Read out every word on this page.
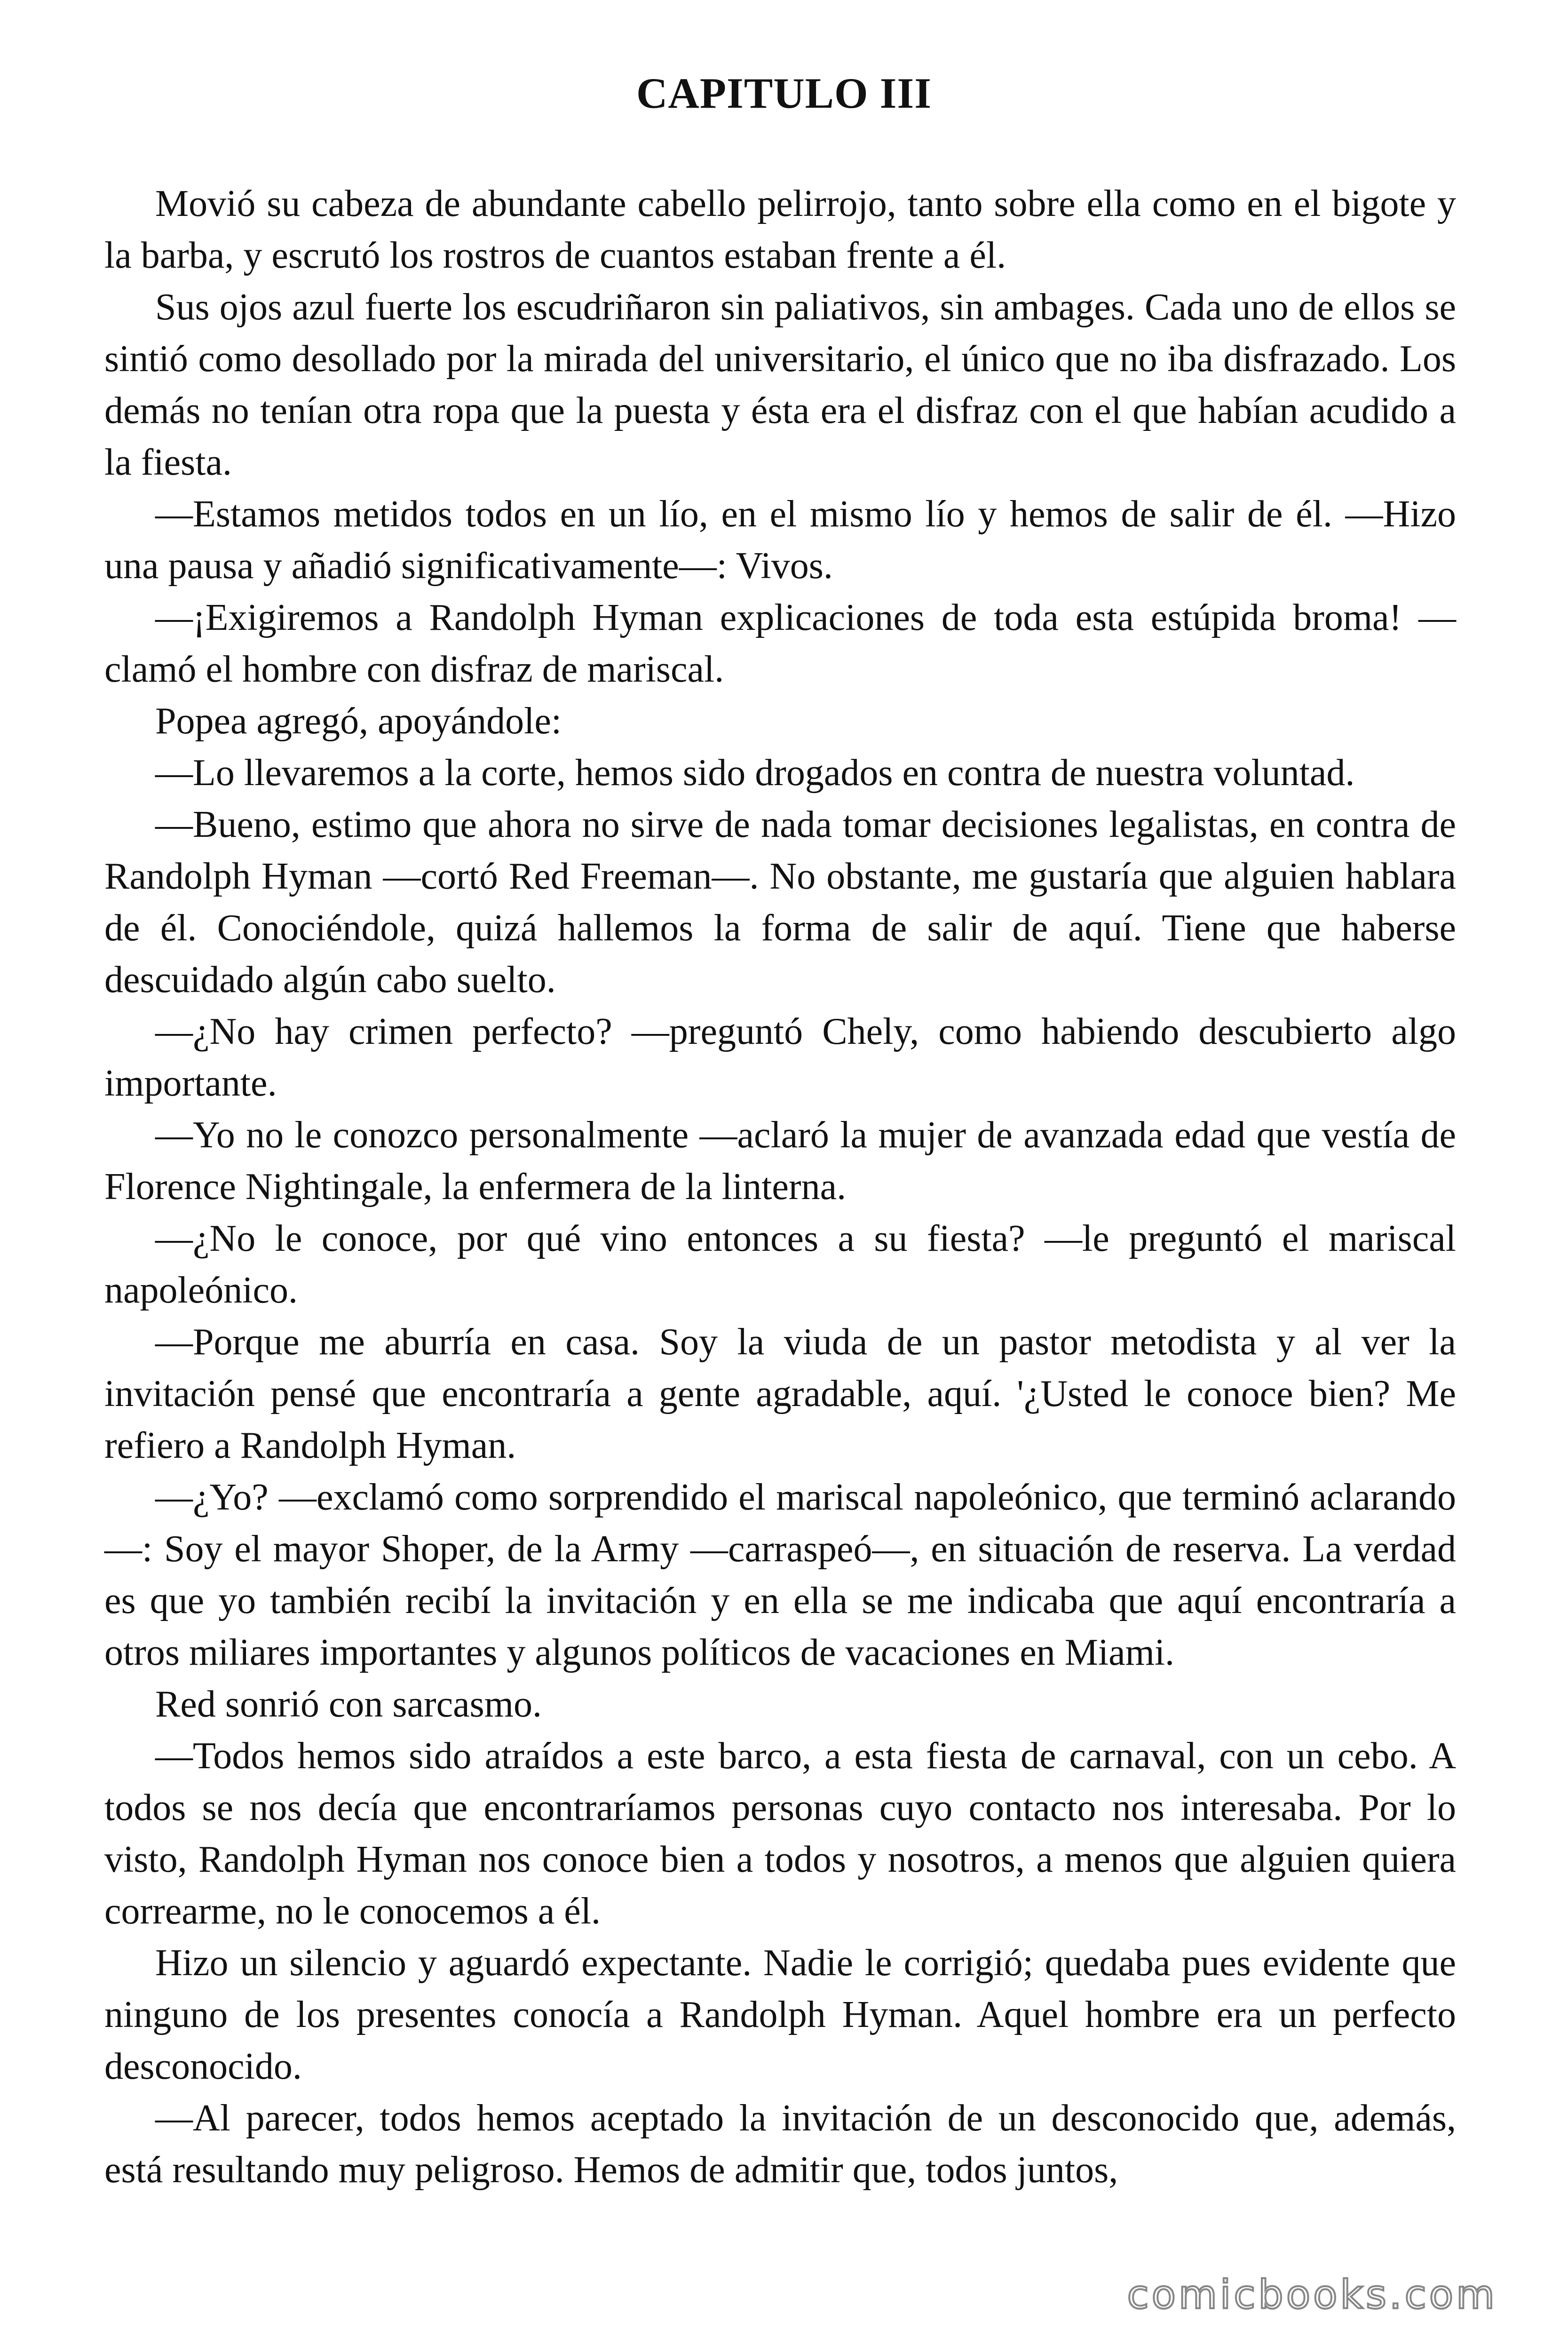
CAPITULO III

Movió su cabeza de abundante cabello pelirrojo, tanto sobre ella como en el bigote y la barba, y escrutó los rostros de cuantos estaban frente a él.

Sus ojos azul fuerte los escudriñaron sin paliativos, sin ambages. Cada uno de ellos se sintió como desollado por la mirada del universitario, el único que no iba disfrazado. Los demás no tenían otra ropa que la puesta y ésta era el disfraz con el que habían acudido a la fiesta.

—Estamos metidos todos en un lío, en el mismo lío y hemos de salir de él. —Hizo una pausa y añadió significativamente—: Vivos.

—¡Exigiremos a Randolph Hyman explicaciones de toda esta estúpida broma! — clamó el hombre con disfraz de mariscal.

Popea agregó, apoyándole:

—Lo llevaremos a la corte, hemos sido drogados en contra de nuestra voluntad.

—Bueno, estimo que ahora no sirve de nada tomar decisiones legalistas, en contra de Randolph Hyman —cortó Red Freeman—. No obstante, me gustaría que alguien hablara de él. Conociéndole, quizá hallemos la forma de salir de aquí. Tiene que haberse descuidado algún cabo suelto.

—¿No hay crimen perfecto? —preguntó Chely, como habiendo descubierto algo importante.

—Yo no le conozco personalmente —aclaró la mujer de avanzada edad que vestía de Florence Nightingale, la enfermera de la linterna.

—¿No le conoce, por qué vino entonces a su fiesta? —le preguntó el mariscal napoleónico.

—Porque me aburría en casa. Soy la viuda de un pastor metodista y al ver la invitación pensé que encontraría a gente agradable, aquí. '¿Usted le conoce bien? Me refiero a Randolph Hyman.

—¿Yo? —exclamó como sorprendido el mariscal napoleónico, que terminó aclarando—: Soy el mayor Shoper, de la Army —carraspeó—, en situación de reserva. La verdad es que yo también recibí la invitación y en ella se me indicaba que aquí encontraría a otros miliares importantes y algunos políticos de vacaciones en Miami.

Red sonrió con sarcasmo.

—Todos hemos sido atraídos a este barco, a esta fiesta de carnaval, con un cebo. A todos se nos decía que encontraríamos personas cuyo contacto nos interesaba. Por lo visto, Randolph Hyman nos conoce bien a todos y nosotros, a menos que alguien quiera correarme, no le conocemos a él.

Hizo un silencio y aguardó expectante. Nadie le corrigió; quedaba pues evidente que ninguno de los presentes conocía a Randolph Hyman. Aquel hombre era un perfecto desconocido.

—Al parecer, todos hemos aceptado la invitación de un desconocido que, además, está resultando muy peligroso. Hemos de admitir que, todos juntos,

comicbooks.com
